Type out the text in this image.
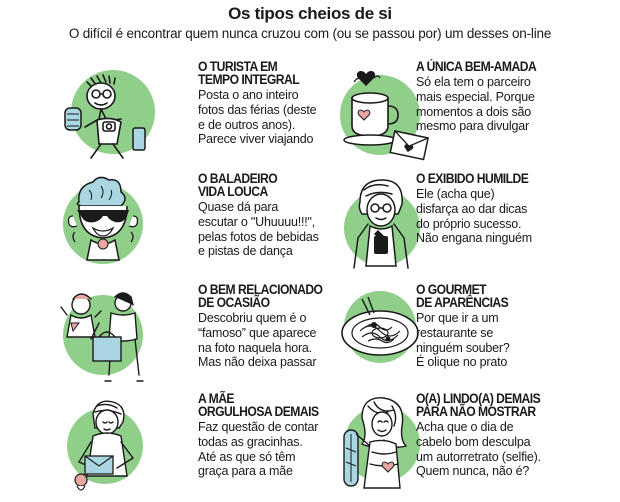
Os tipos cheios de si
O difícil é encontrar quem nunca cruzou com (ou se passou por) um desses on-line
O TURISTA EM
TEMPO INTEGRAL
Posta o ano inteiro
fotos das férias (deste
e de outros anos).
Parece viver viajando
A ÚNICA BEM-AMADA
Só ela tem o parceiro
mais especial. Porque
momentos a dois são
mesmo para divulgar
O BALADEIRO
VIDA LOUCA
Quase dá para
escutar o "Uhuuuu!!!",
pelas fotos de bebidas
e pistas de dança
O EXIBIDO HUMILDE
Ele (acha que)
disfarça ao dar dicas
do próprio sucesso.
Não engana ninguém
O BEM RELACIONADO
DE OCASIÃO
Descobriu quem é o
“famoso” que aparece
na foto naquela hora.
Mas não deixa passar
O GOURMET
DE APARÊNCIAS
Por que ir a um
restaurante se
ninguém souber?
É olique no prato
A MÃE
ORGULHOSA DEMAIS
Faz questão de contar
todas as gracinhas.
Até as que só têm
graça para a mãe
O(A) LINDO(A) DEMAIS
PARA NÃO MOSTRAR
Acha que o dia de
cabelo bom desculpa
um autorretrato (selfie).
Quem nunca, não é?
